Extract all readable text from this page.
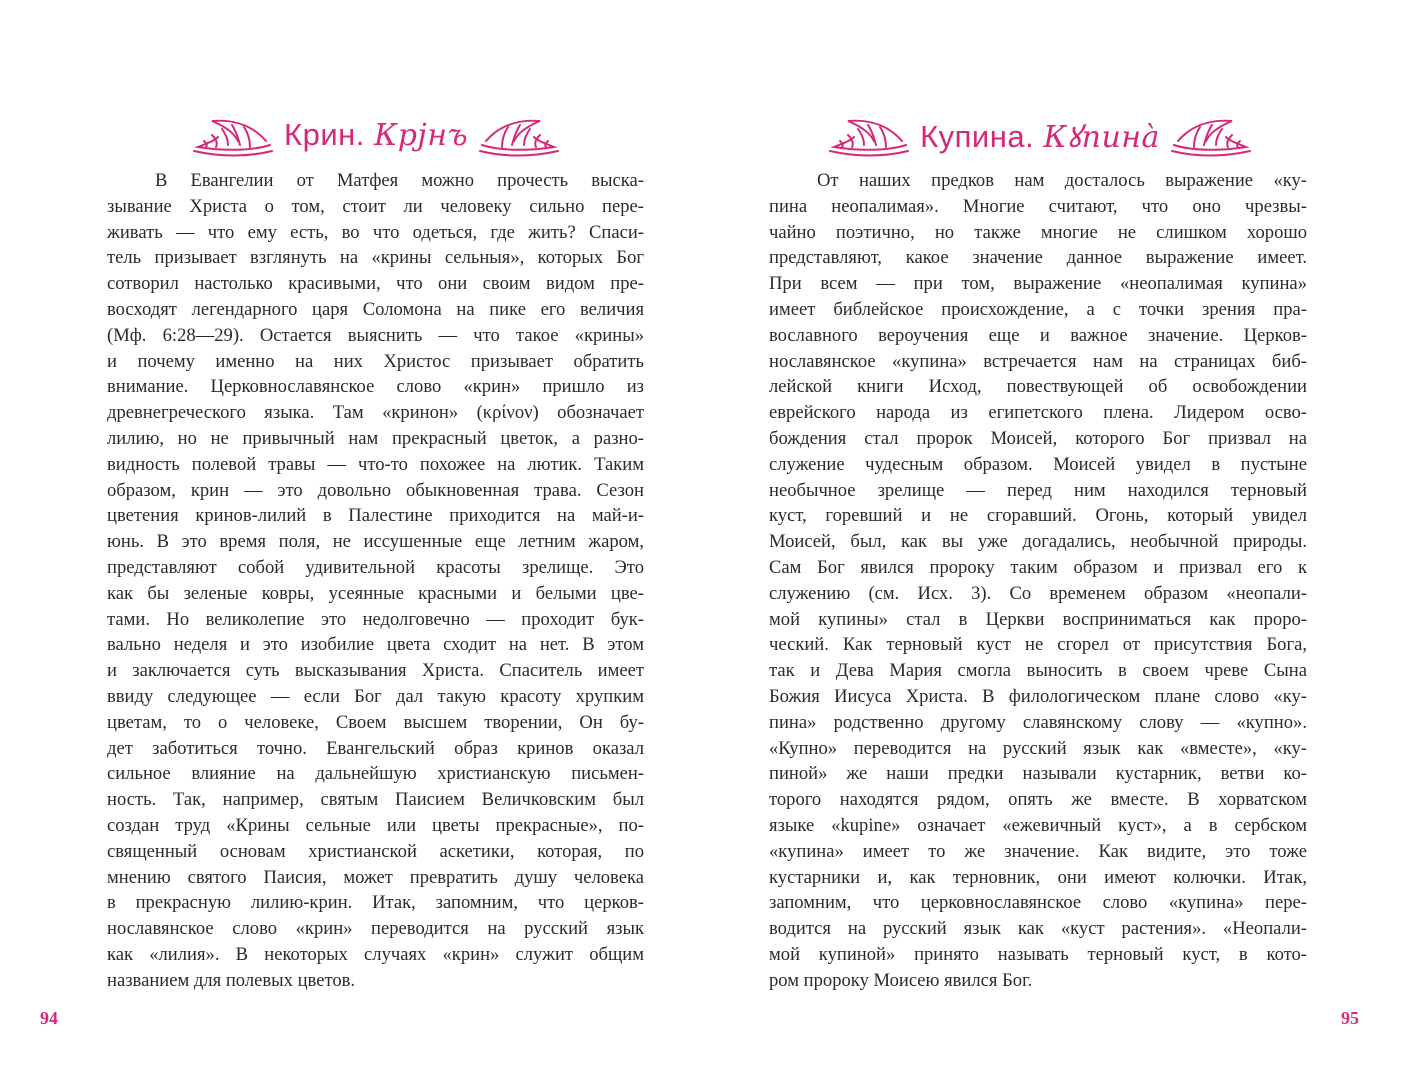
Крин. Крjнъ
В Евангелии от Матфея можно прочесть выска-
зывание Христа о том, стоит ли человеку сильно пере-
живать — что ему есть, во что одеться, где жить? Спаси-
тель призывает взглянуть на «крины сельныя», которых Бог
сотворил настолько красивыми, что они своим видом пре-
восходят легендарного царя Соломона на пике его величия
(Мф. 6:28—29). Остается выяснить — что такое «крины»
и почему именно на них Христос призывает обратить
внимание. Церковнославянское слово «крин» пришло из
древнегреческого языка. Там «кринон» (κρίνον) обозначает
лилию, но не привычный нам прекрасный цветок, а разно-
видность полевой травы — что-то похожее на лютик. Таким
образом, крин — это довольно обыкновенная трава. Сезон
цветения кринов-лилий в Палестине приходится на май-и-
юнь. В это время поля, не иссушенные еще летним жаром,
представляют собой удивительной красоты зрелище. Это
как бы зеленые ковры, усеянные красными и белыми цве-
тами. Но великолепие это недолговечно — проходит бук-
вально неделя и это изобилие цвета сходит на нет. В этом
и заключается суть высказывания Христа. Спаситель имеет
ввиду следующее — если Бог дал такую красоту хрупким
цветам, то о человеке, Своем высшем творении, Он бу-
дет заботиться точно. Евангельский образ кринов оказал
сильное влияние на дальнейшую христианскую письмен-
ность. Так, например, святым Паисием Величковским был
создан труд «Крины сельные или цветы прекрасные», по-
священный основам христианской аскетики, которая, по
мнению святого Паисия, может превратить душу человека
в прекрасную лилию-крин. Итак, запомним, что церков-
нославянское слово «крин» переводится на русский язык
как «лилия». В некоторых случаях «крин» служит общим
названием для полевых цветов.
94
Купина. Кꙋпина̀
От наших предков нам досталось выражение «ку-
пина неопалимая». Многие считают, что оно чрезвы-
чайно поэтично, но также многие не слишком хорошо
представляют, какое значение данное выражение имеет.
При всем — при том, выражение «неопалимая купина»
имеет библейское происхождение, а с точки зрения пра-
вославного вероучения еще и важное значение. Церков-
нославянское «купина» встречается нам на страницах биб-
лейской книги Исход, повествующей об освобождении
еврейского народа из египетского плена. Лидером осво-
бождения стал пророк Моисей, которого Бог призвал на
служение чудесным образом. Моисей увидел в пустыне
необычное зрелище — перед ним находился терновый
куст, горевший и не сгоравший. Огонь, который увидел
Моисей, был, как вы уже догадались, необычной природы.
Сам Бог явился пророку таким образом и призвал его к
служению (см. Исх. 3). Со временем образом «неопали-
мой купины» стал в Церкви восприниматься как проро-
ческий. Как терновый куст не сгорел от присутствия Бога,
так и Дева Мария смогла выносить в своем чреве Сына
Божия Иисуса Христа. В филологическом плане слово «ку-
пина» родственно другому славянскому слову — «купно».
«Купно» переводится на русский язык как «вместе», «ку-
пиной» же наши предки называли кустарник, ветви ко-
торого находятся рядом, опять же вместе. В хорватском
языке «kupine» означает «ежевичный куст», а в сербском
«купина» имеет то же значение. Как видите, это тоже
кустарники и, как терновник, они имеют колючки. Итак,
запомним, что церковнославянское слово «купина» пере-
водится на русский язык как «куст растения». «Неопали-
мой купиной» принято называть терновый куст, в кото-
ром пророку Моисею явился Бог.
95
